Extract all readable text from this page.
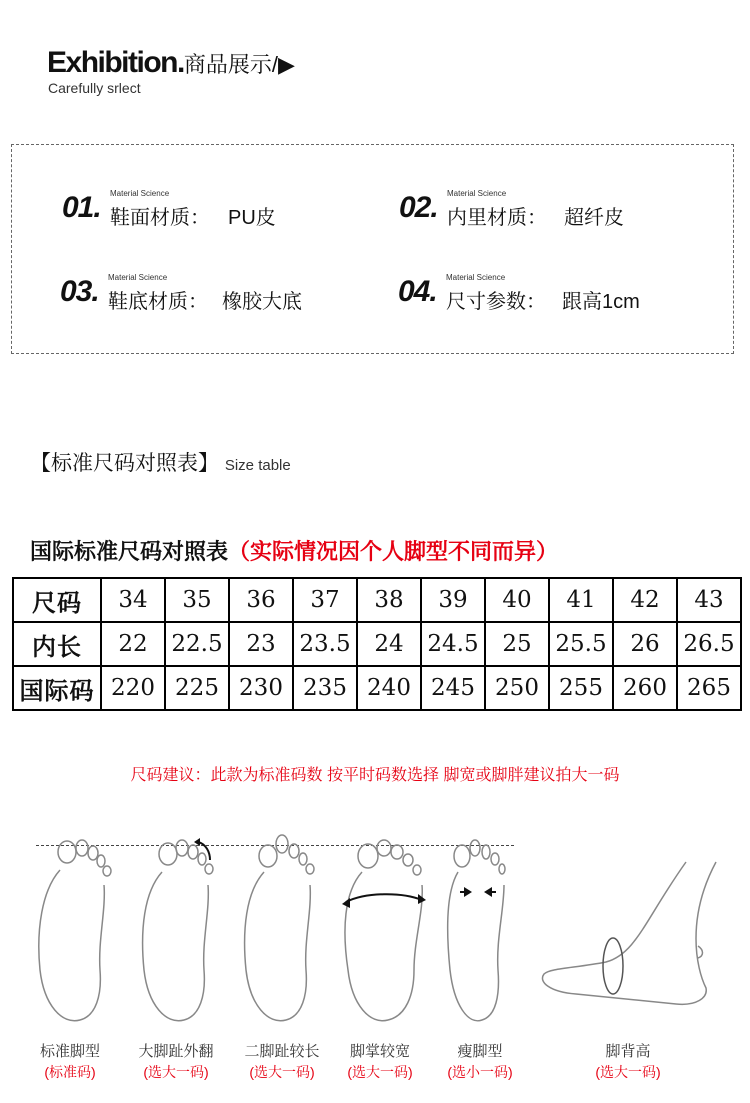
Exhibition.商品展示/▶
Carefully srlect
01. Material Science
鞋面材质： PU皮	02. Material Science
内里材质： 超纤皮
03. Material Science
鞋底材质： 橡胶大底	04. Material Science
尺寸参数： 跟高1cm
【标准尺码对照表】 Size table
国际标准尺码对照表（实际情况因个人脚型不同而异）
尺码	34	35	36	37	38	39	40	41	42	43
内长	22	22.5	23	23.5	24	24.5	25	25.5	26	26.5
国际码	220	225	230	235	240	245	250	255	260	265
尺码建议：此款为标准码数 按平时码数选择 脚宽或脚胖建议拍大一码
标准脚型
(标准码)
大脚趾外翻
(选大一码)
二脚趾较长
(选大一码)
脚掌较宽
(选大一码)
瘦脚型
(选小一码)
脚背高
(选大一码)
